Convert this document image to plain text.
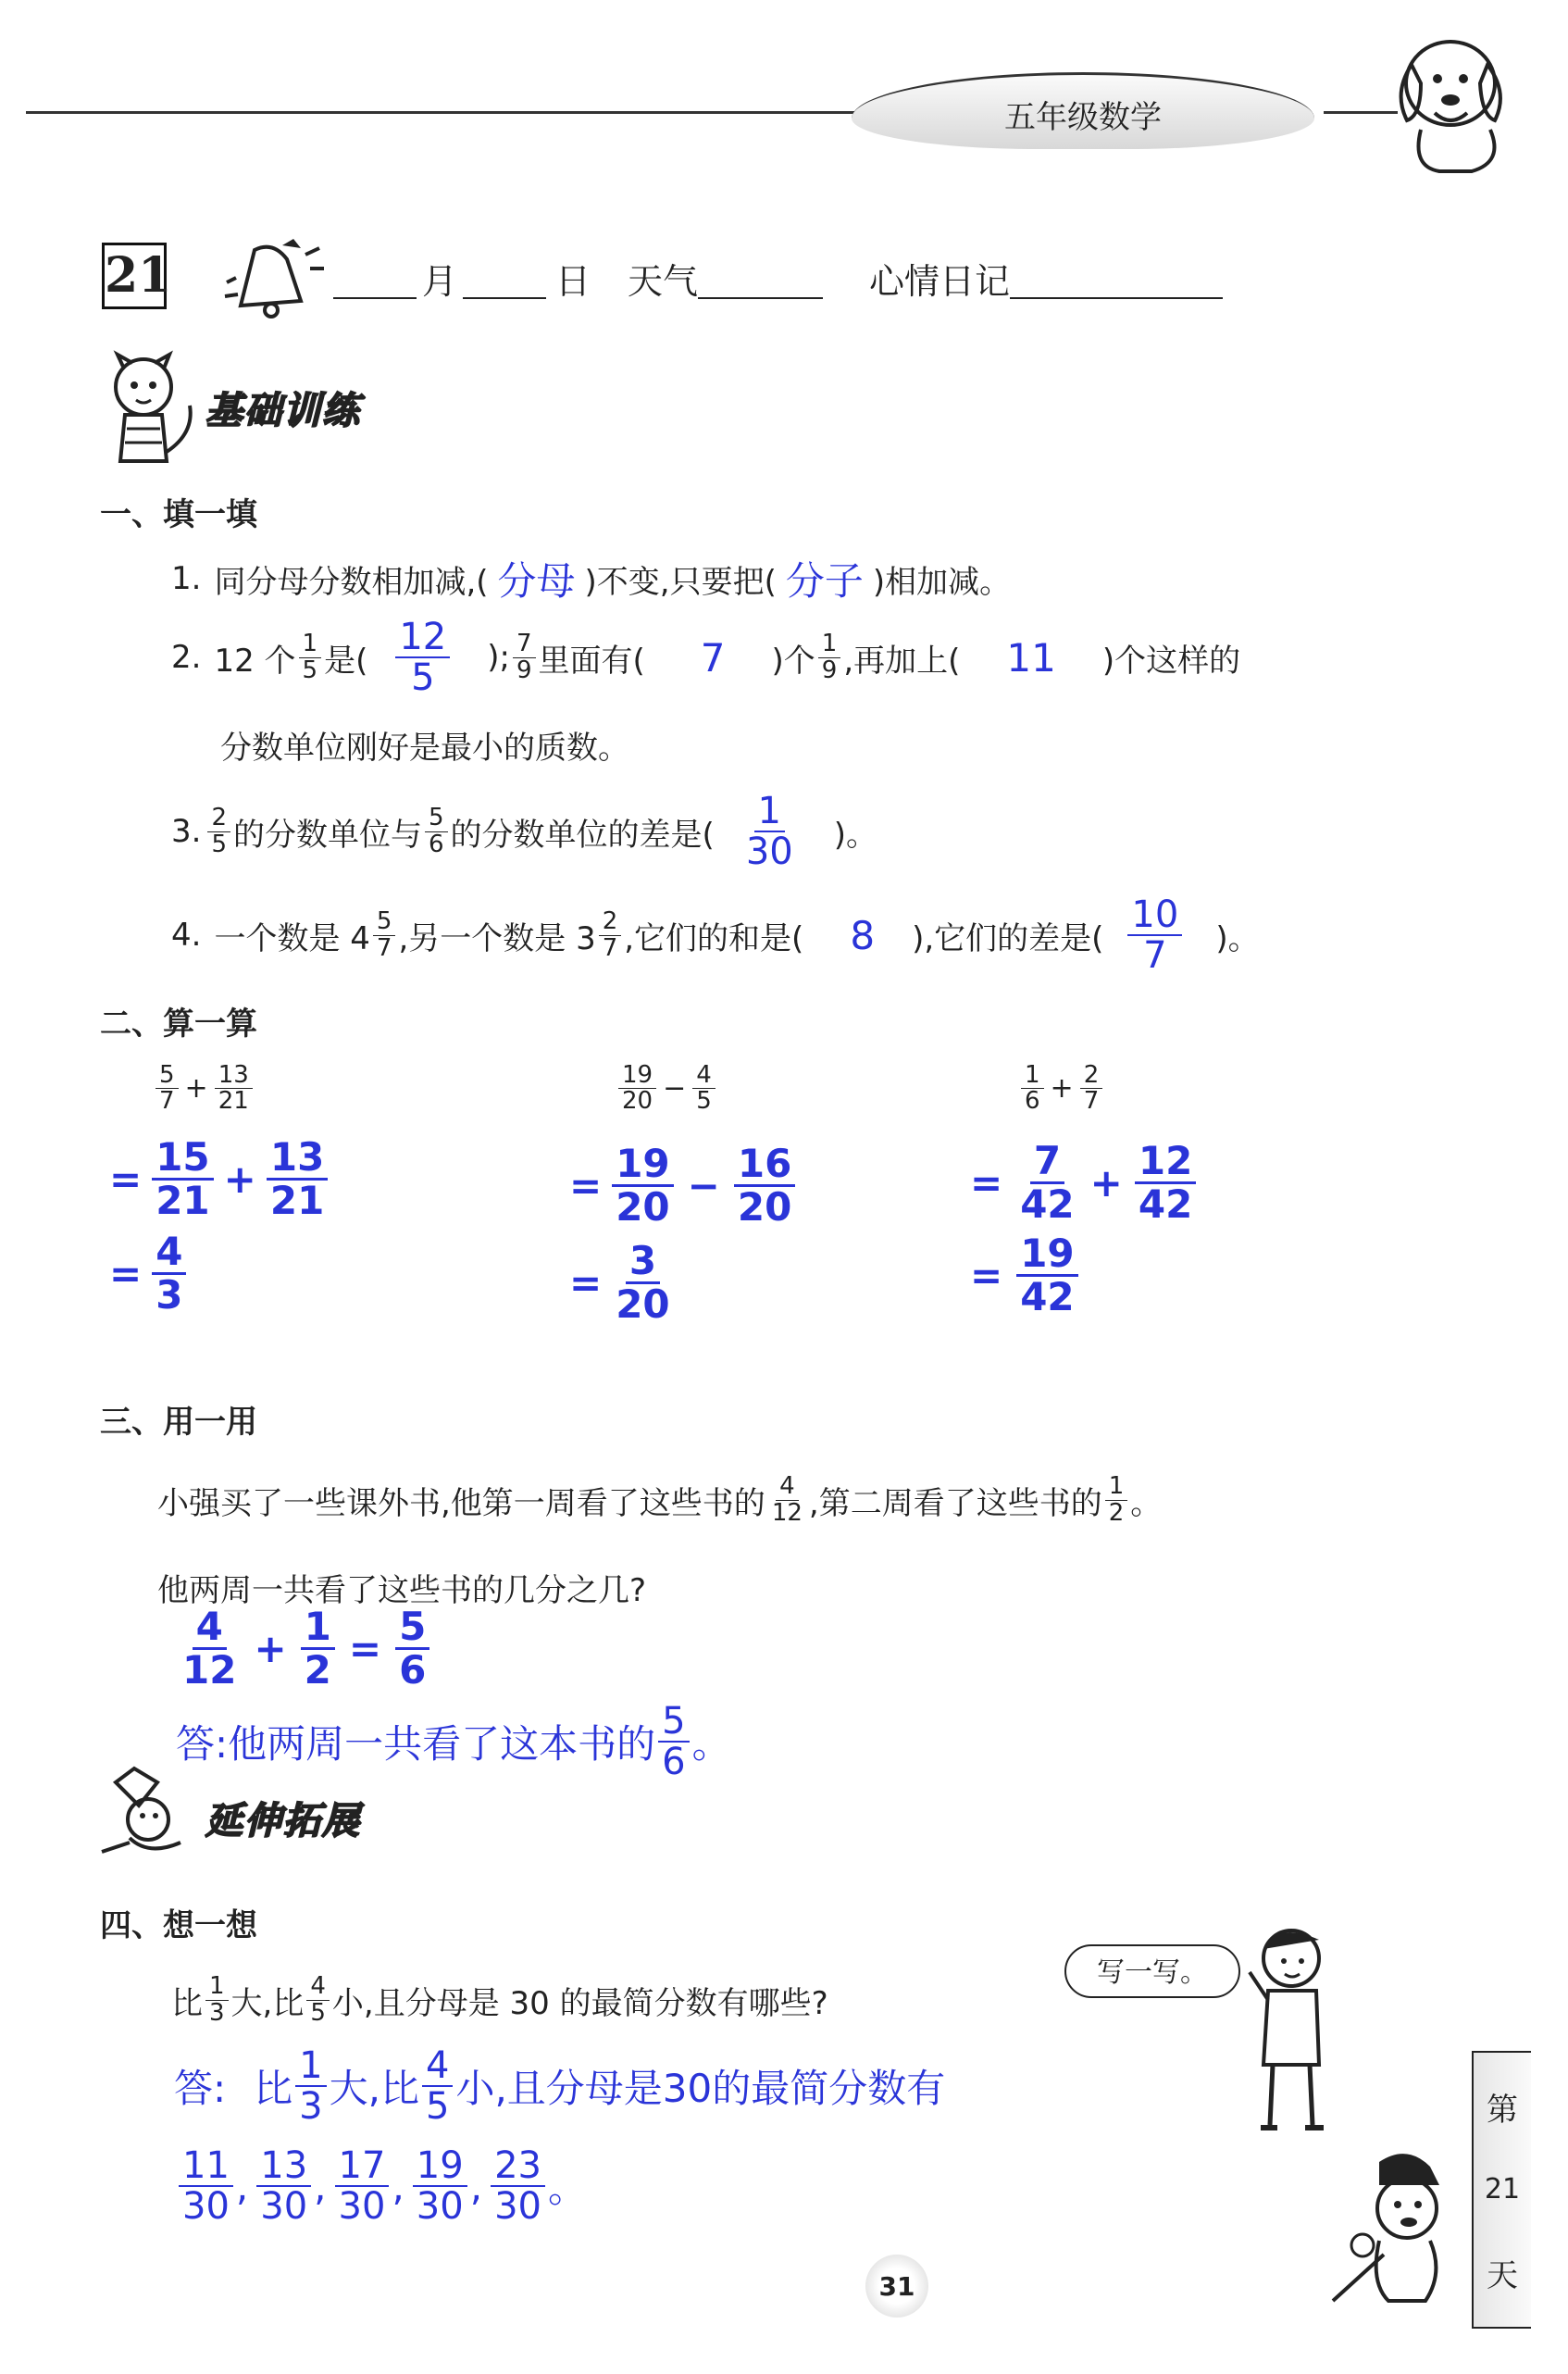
五年级数学
21	月	日 天气	心情日记
基础训练
一、填一填
1. 同分母分数相加减,( 分母 )不变,只要把( 分子 )相加减。
2. 12 个 $\frac{1}{5}$ 是( $\frac{12}{5}$ ); $\frac{7}{9}$ 里面有( 7 )个 $\frac{1}{9}$ ,再加上( 11 )个这样的
分数单位刚好是最小的质数。
3. $\frac{2}{5}$ 的分数单位与 $\frac{5}{6}$ 的分数单位的差是( $\frac{1}{30}$ )。
4. 一个数是 $4 \frac{5}{7}$ ,另一个数是 $3 \frac{2}{7}$ ,它们的和是( 8 ),它们的差是( $\frac{10}{7}$ )。
二、算一算
$\frac{5}{7} + \frac{13}{21}$
= $\frac{15}{21} + \frac{13}{21}$
= $\frac{4}{3}$
$\frac{19}{20} - \frac{4}{5}$
= $\frac{19}{20} - \frac{16}{20}$
= $\frac{3}{20}$
$\frac{1}{6} + \frac{2}{7}$
= $\frac{7}{42} + \frac{12}{42}$
= $\frac{19}{42}$
三、用一用
小强买了一些课外书,他第一周看了这些书的 $\frac{4}{12}$ ,第二周看了这些书的 $\frac{1}{2}$ 。
他两周一共看了这些书的几分之几?
$\frac{4}{12} + \frac{1}{2} = \frac{5}{6}$
答:他两周一共看了这本书的 $\frac{5}{6}$ 。
延伸拓展
四、想一想
比 $\frac{1}{3}$ 大,比 $\frac{4}{5}$ 小,且分母是 30 的最简分数有哪些?
答: 比 $\frac{1}{3}$ 大,比 $\frac{4}{5}$ 小,且分母是30的最简分数有
$\frac{11}{30}$ , $\frac{13}{30}$ , $\frac{17}{30}$ , $\frac{19}{30}$ , $\frac{23}{30}$ 。
写一写。
第
21
天
31
